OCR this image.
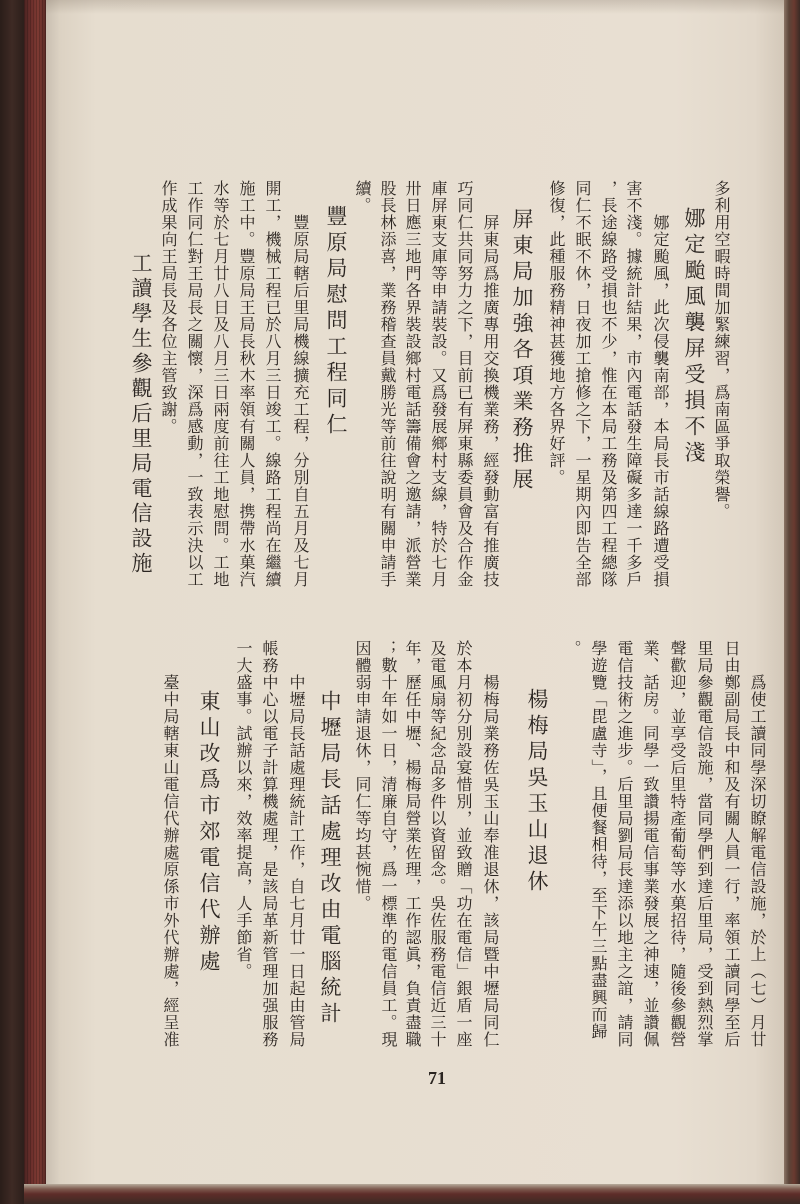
多利用空暇時間加緊練習，爲南區爭取榮譽。
娜定颱風襲屏受損不淺
娜定颱風，此次侵襲南部，本局長市話線路遭受損
害不淺。據統計結果，市內電話發生障礙多達一千多戶
，長途線路受損也不少，惟在本局工務及第四工程總隊
同仁不眠不休，日夜加工搶修之下，一星期內即告全部
修復，此種服務精神甚獲地方各界好評。
屏東局加強各項業務推展
屏東局爲推廣專用交換機業務，經發動富有推廣技
巧同仁共同努力之下，目前已有屏東縣委員會及合作金
庫屏東支庫等申請裝設。又爲發展鄉村支線，特於七月
卅日應三地門各界裝設鄉村電話籌備會之邀請，派營業
股長林添喜，業務稽查員戴勝光等前往說明有關申請手
續。
豐原局慰問工程同仁
豐原局轄后里局機線擴充工程，分別自五月及七月
開工，機械工程已於八月三日竣工。線路工程尚在繼續
施工中。豐原局王局長秋木率領有關人員，携帶水菓汽
水等於七月廿八日及八月三日兩度前往工地慰問。工地
工作同仁對王局長之關懷，深爲感動，一致表示決以工
作成果向王局長及各位主管致謝。
工讀學生參觀后里局電信設施
爲使工讀同學深切瞭解電信設施，於上（七）月廿
日由鄭副局長中和及有關人員一行，率領工讀同學至后
里局參觀電信設施，當同學們到達后里局，受到熱烈掌
聲歡迎，並享受后里特產葡萄等水菓招待，隨後參觀營
業、話房。同學一致讚揚電信事業發展之神速，並讚佩
電信技術之進步。后里局劉局長達添以地主之誼，請同
學遊覽「毘盧寺」，且便餐相待，至下午三點盡興而歸
。
楊梅局吳玉山退休
楊梅局業務佐吳玉山奉准退休，該局暨中壢局同仁
於本月初分別設宴惜別，並致贈「功在電信」銀盾一座
及電風扇等紀念品多件以資留念。吳佐服務電信近三十
年，歷任中壢、楊梅局營業佐理，工作認眞，負責盡職
；數十年如一日，清廉自守，爲一標準的電信員工。現
因體弱申請退休，同仁等均甚惋惜。
中壢局長話處理改由電腦統計
中壢局長話處理統計工作，自七月廿一日起由管局
帳務中心以電子計算機處理，是該局革新管理加强服務
一大盛事。試辦以來，效率提高，人手節省。
東山改爲市郊電信代辦處
臺中局轄東山電信代辦處原係市外代辦處，經呈准
71
